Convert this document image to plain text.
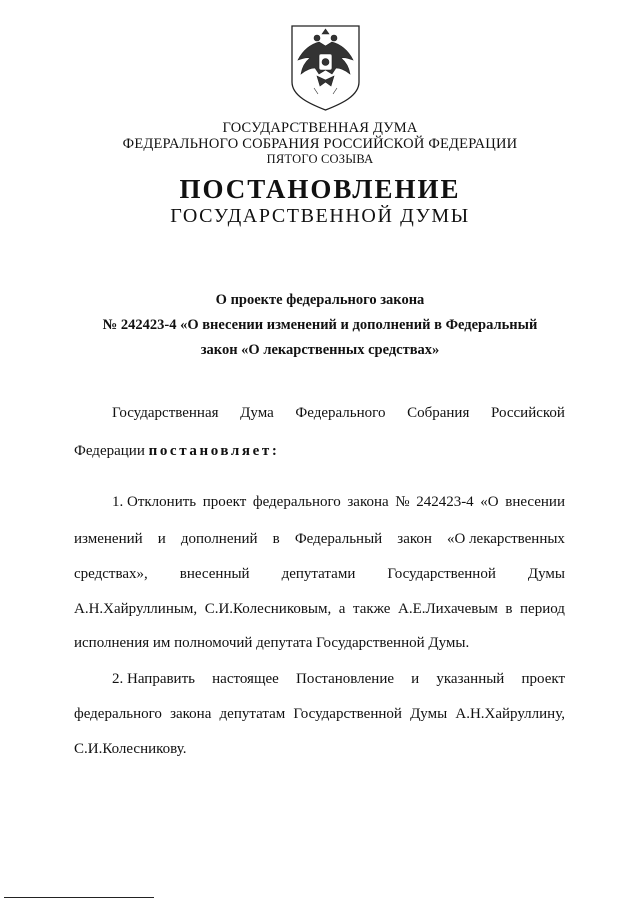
ГОСУДАРСТВЕННАЯ ДУМА
ФЕДЕРАЛЬНОГО СОБРАНИЯ РОССИЙСКОЙ ФЕДЕРАЦИИ
ПЯТОГО СОЗЫВА
ПОСТАНОВЛЕНИЕ
ГОСУДАРСТВЕННОЙ ДУМЫ
О проекте федерального закона
№ 242423-4 «О внесении изменений и дополнений в Федеральный
закон «О лекарственных средствах»
Государственная Дума Федерального Собрания Российской
Федерации постановляет:
1. Отклонить проект федерального закона № 242423-4 «О внесении
изменений и дополнений в Федеральный закон «О лекарственных
средствах», внесенный депутатами Государственной Думы
А.Н.Хайруллиным, С.И.Колесниковым, а также А.Е.Лихачевым в период
исполнения им полномочий депутата Государственной Думы.
2. Направить настоящее Постановление и указанный проект
федерального закона депутатам Государственной Думы А.Н.Хайруллину,
С.И.Колесникову.
